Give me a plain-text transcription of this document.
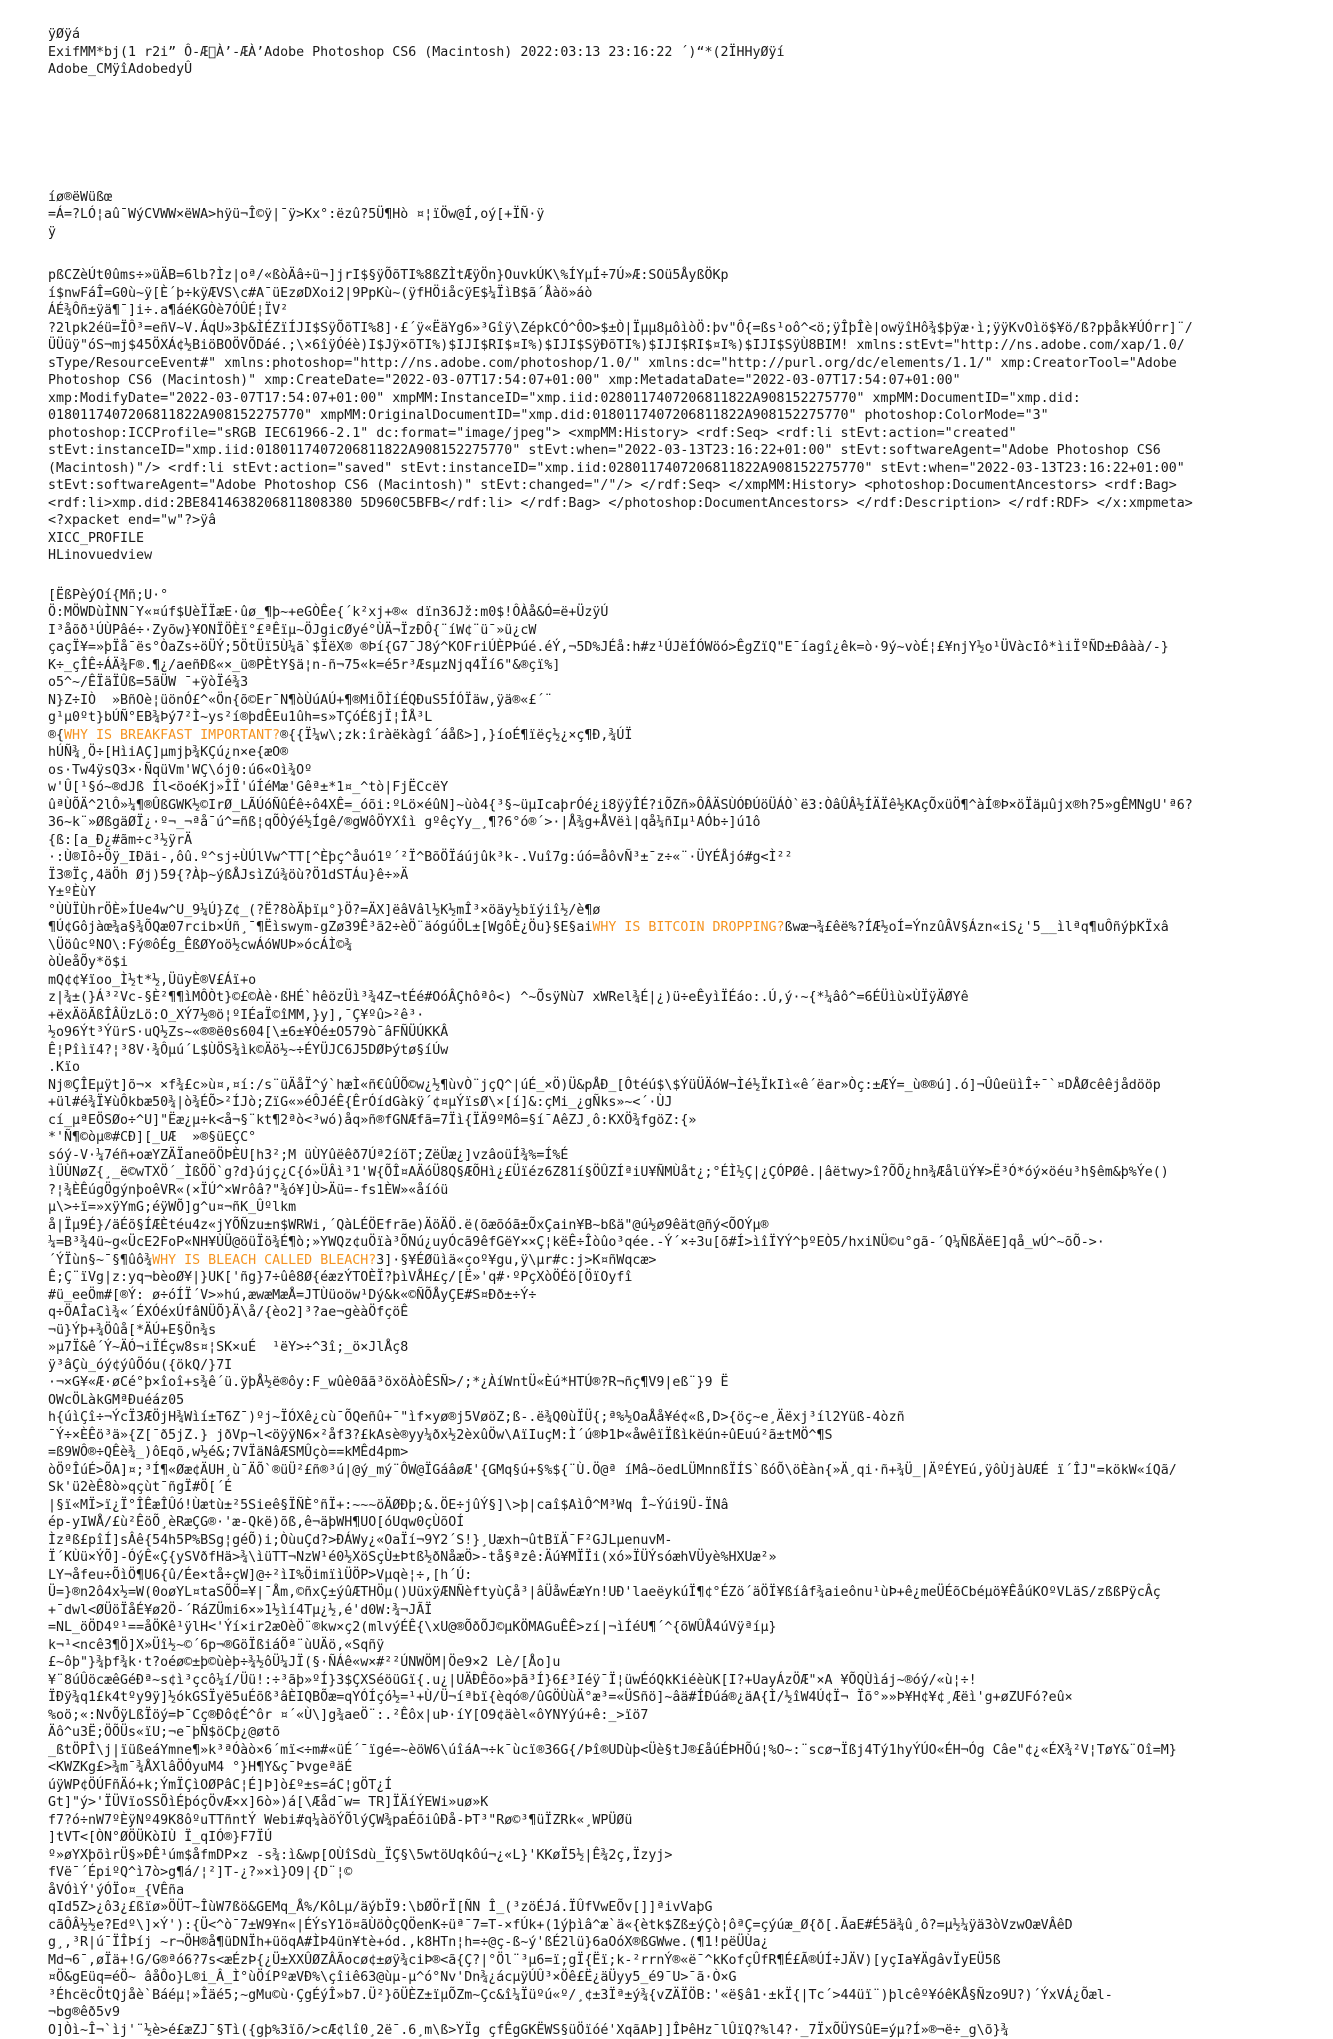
ÿØÿá
ExifMM*bj(1 r2i” Ô-Æ À’-ÆÀ’Adobe Photoshop CS6 (Macintosh) 2022:03:13 23:16:22 ´)“*(2ÏHHyØÿí
Adobe_CMÿîAdobedyÛ
íø®ëWüßœ
=Á=?LÓ¦aû¯WýCVWW×ëWA>hÿü¬Î©ÿ|¯ÿ>Kx°:ëzû?5Ü¶Hò ¤¦ïÖw@Í,oý[+ÏÑ·ÿ
ÿ
pßCZèÚt0ûms÷»üÄB=6lb?Ìz|oª/«ßòÄâ÷ü¬]jrI$§ÿÕõTI%8ßZÌtÆÿÖn}OuvkÚK\%ÍYµÍ÷7Ú»Æ:SOü5ÅyßÖKp
í$nwFáÎ=G0ù~ÿ[È´þ÷kÿÆVS\c#A¯üEzøDXoi2|9PpKù~(ÿfHÖiåcÿE$¼ÏìB$ã´Åàö»áò
ÁÉ¾Ôñ±ÿä¶¯]i÷.a¶áéKGÒè7ÓÛÉ¦ÏV²
?2lpk2éü=ÏÔ³=eñV~V.ÁqU»3þ&ÌÉZïÍJI$SÿÕõTI%8]·£´ÿ«ËäYg6»³Gîÿ\ZépkCÓ^ÔO>$±Ò|Ïµµ8µôìòÖ:þv"Ô{=ßs¹oô^<ö;ÿÎþÎè|owÿîHô¾$þÿæ·ì;ÿÿKvOìö$¥ö/ß?pþåk¥ÚÓrr]¨/
ÜÜüÿ"óS¬mj$45ÖXÁ¢½BiöBOÖVÕDáé.;\×6îÿÓéè)I$Jÿ×õTI%)$IJI$RI$¤I%)$IJI$SÿÐõTI%)$IJI$RI$¤I%)$IJI$SÿÙ8BIM! xmlns:stEvt="http://ns.adobe.com/xap/1.0/
sType/ResourceEvent#" xmlns:photoshop="http://ns.adobe.com/photoshop/1.0/" xmlns:dc="http://purl.org/dc/elements/1.1/" xmp:CreatorTool="Adobe
Photoshop CS6 (Macintosh)" xmp:CreateDate="2022-03-07T17:54:07+01:00" xmp:MetadataDate="2022-03-07T17:54:07+01:00"
xmp:ModifyDate="2022-03-07T17:54:07+01:00" xmpMM:InstanceID="xmp.iid:0280117407206811822A908152275770" xmpMM:DocumentID="xmp.did:
0180117407206811822A908152275770" xmpMM:OriginalDocumentID="xmp.did:0180117407206811822A908152275770" photoshop:ColorMode="3"
photoshop:ICCProfile="sRGB IEC61966-2.1" dc:format="image/jpeg"> <xmpMM:History> <rdf:Seq> <rdf:li stEvt:action="created"
stEvt:instanceID="xmp.iid:0180117407206811822A908152275770" stEvt:when="2022-03-13T23:16:22+01:00" stEvt:softwareAgent="Adobe Photoshop CS6
(Macintosh)"/> <rdf:li stEvt:action="saved" stEvt:instanceID="xmp.iid:0280117407206811822A908152275770" stEvt:when="2022-03-13T23:16:22+01:00"
stEvt:softwareAgent="Adobe Photoshop CS6 (Macintosh)" stEvt:changed="/"/> </rdf:Seq> </xmpMM:History> <photoshop:DocumentAncestors> <rdf:Bag>
<rdf:li>xmp.did:2BE8414638206811808380 5D960C5BFB</rdf:li> </rdf:Bag> </photoshop:DocumentAncestors> </rdf:Description> </rdf:RDF> </x:xmpmeta>
<?xpacket end="w"?>ÿâ
XICC_PROFILE
HLinovuedview
[ËßPèýOí{Mñ;U·°
Ö:MÖWDùÌNN¯Y«¤úf$UèÏÏæE·ûø_¶þ~+eGÒÊe{´k²xj+®« dïn36Jž:m0$!ÔÀå&Ó=ë+ÜzÿÚ
I³åõð¹ÚÙPâé÷·Zyõw}¥ONÏÖÈï°£ªÊïµ~ÖJgicØyé°ÙÄ¬ÏzÐÔ{¨íW¢¨ü¯»ü¿cW
çaçÏ¥=»þÏå¯ës°ÒaZs÷öÜÝ;5ÖtÜï5Ù¼ã`$ÏëX® ®Þí{G7¯J8ý^KOFriÚÈPÞúé.éÝ,¬5D%JÉå:h#z¹ÚJëÍÓWöó>ÊgZïQ"E¯íagî¿êk=ò·9ý~vòÉ¦£¥njY½o¹ÜVàcIô*ìiÏºÑD±Ðâàà/-}
K÷_çÎÊ÷ÁÄ¾F®.¶¿/aeñÐß«×_ü®PÈtY§ä¦n-ñ¬75«k=é5r³ÆsµzNjq4Ïí6"&®çï%]
o5^~/ÊÏäÏÛß=5ãÜW ¯+ÿòÏé¾3
N}Z÷IÒ  »BñOè¦üönÓ£^«Ön{õ©Er¯N¶òÙúAÚ+¶®MiÕÌíÉQÐuS5ÍÓÏäw,ÿä®«£´¨
g¹µ0ºt}bÚÑ°EB¾Þý7²Ì~ys²í®þdÊEu1ûh=s»TÇóÉßjÏ¦ÎÅ³L
®{WHY IS BREAKFAST IMPORTANT?®{{Ï¼w\;zk:îràëkàgî´áåß>],}íoÉ¶ïëç½¿×ç¶Ð,¾ÚÏ
hÚÑ¾¸Ö÷[HìiAÇ]µmjþ¾KÇú¿n×e{æO®
os·Tw4ÿsQ3×·ÑqüVm'WÇ\ój0:ú6«Oì¾Oº
w'Û[¹§ó~®dJß Íl<öoéKj»ÎÏ'úÍéMæ'Gêª±*1¤_^tò|FjËCcëY
ûªÙÕÄ^2lÔ»¼¶®ÛßGWK½©IrØ_LÃÚóÑûÉê÷ô4XÊ=_óõi:ºLö×éûN]~ùò4{³§~üµIcaþrÓé¿i8ÿÿÎÉ?iÕZñ»ÔÂÄSÙÓÐÚöÜÁÒ`ë3:ÒâÛÂ½ÍÄÏê½KAçÕxüÖ¶^àÍ®Þ×öÏäµûjx®h?5»gÊMNgU'ª6?
36~k¨»ØßgäØÏ¿·º¬_¬ªå¯ú^=ñß¦qÕÒýé½Ígê/®gWôÖYXîì gºêçYy_¸¶?6°ó®´>·|Å¾g+ÅVëì|qå¼ñIµ¹AÓb÷]ú1ô
{ß:[a_Ð¿#ãm÷c³½ÿrÄ
·:Ù®Iô÷Öÿ_IÐäi-,ôû.º^sj÷ÙÚlVw^TT[^Èþç^åuó1º´²Ï^BõÖÏáújûk³k-.Vuî7g:úó=åôvÑ³±¯z÷«¨·ÜYÉÅjó#g<Ì²²
Ï3®Ïç,4äÖh Øj)59{?Àþ~ýßÅJsìZú¾öù?Ö1dSTÁu}ê÷»Ä
Y±ºÈùY
°ÙÙÏÙhrÖÈ»ÍUe4w^U_9¼Ú}Z¢_(?Ë?8òÄþïµ°}Ö?=ÄX]ëâVâl½K½mÎ³×öäy½bïýiî½/è¶ø
¶Ú¢Gôjàœ¾a§¾ÕQæ07rcib×Úñ¸¯¶Ëìswym-gZø39Ê³ã2÷èÖ¨äógúÖL±[WgôÈ¿Öu}§E§aiWHY IS BITCOIN DROPPING?ßwæ¬¾£êë%?ÍÆ½oÍ=ÝnzûÂV§Ázn«iS¿'5__ìlªq¶uÔñýþKÏxâ
\ÜöûcºNO\:Fý®ôÉg_ÊßØYoö½cwÁóWUÞ»ócÁÌ©¾
òÙeåÕy*ö$i
mQ¢¢¥ïoo_Ì½t*½,ÜüyÈ®V£Áï+o
z|¾±(}Á³²Vc-§È²¶¶ìMÔÒt}©£©Àè·ßHÉ`hêözÜì³¾4Z¬tÉé#OóÂÇhôªô<) ^~ÕsÿNù7 xWRel¾É|¿)ü÷eÊyìÏÉáo:.Ú,ý·~{*¼âô^=6ÉÜìù×ÙÏÿÄØYê
+ëxÄöÃßÎÂÜzLö:O_XÝ7½®ö¦ºIÉaÏ©îMM,}y],¯Ç¥ºû>²ê³·
½o96Ýt³ÝürS·uQ½Zs~«®®ë0s604[\±6±¥Òé±O579ò¯âFÑÜÚKKÂ
Ê¦Pîìï4?¦³8V·¾Ôµú´L$ÙÖS¾ìk©Äö½~÷ÉYÜJC6J5DØÞýtø§íÚw
.Kïo
Nj®ÇÎEµÿt]õ¬× ×f¾£c»ù¤,¤í:/s¨üÄåÏ^ý`hæÌ«ñ€ûÛÕ©w¿½¶ùvÒ¨jçQ^|úÉ_×Ö)Ü&pÅÐ_[Ôtéú$\$ÝüÜÄóW¬Ìé½ÏkIì«ê´ëar»Òç:±ÆÝ=_ù®®ú].ó]¬ÛûeüìÎ÷¯`¤DÅØcêêjådööp
+ül#é¾Ï¥ùÔkbæ50¾|ò¾ÉÕ>²ÍJò;ZïG«»éÔJéÊ{ÊrÓídGàkÿ´¢¤µÝïsØ\×[í]&:çMi_¿gÑks»~<´·ÙJ
cí_µªEÖSØo÷^U]"Ëæ¿µ÷k<å¬§¨kt¶2ªò<³wó)åq»ñ®fGNÆfã=7Ïì{ÏÄ9ºMô=§í¯AêZJ¸ô:KXÖ¾fgöZ:{»
*'Ñ¶©òµ®#CÐ][_UÆ  »®§üEÇC°
sóý-V·¼7éñ+oæYZÄÏaneõÖÞÈU[h3²;M üÙYûëêð7Úª2íöT;ZëÜæ¿]vzâoüÍ¾%=Í%É
ìÜÙNøZ{¸_ë©wTXÖ´_ÌßÕÖ`g?d}újç¿C{ó»ÜÂì³1'W{ÕÎ¤AÄóÜ8Q§ÆÕHì¿£Üïéz6Z81í§ÖÛZÍªiU¥ÑMÙåt¿;°ÉÌ½Ç|¿ÇÓPØê.|âëtwy>î?ÕÕ¿hn¾ÆålüÝ¥>Ë³Ó*óý×öéu³h§êm&þ%Ýe()
?¦¾ÈÊúgÖgýnþoêVR«(×ÏÚ^×Wrôâ?"¾ó¥]Ù>Äü=-fs1ÈW»«åíóü
µ\>÷ï=»xÿYmG;éÿWÕ]g^u¤¬ñK_Ûºlkm
å|Ïµ9É}/äÉõ§ÍÆÈtéu4z«jYÕÑzu±n$WRWi,´QàLÉÖEfrãe)ÄöÄÖ.ë(õæõóã±ÕxÇain¥B~bßä"@ú½ø9êät@ñý<ÕOÝµ®
¼=B³¾4ü~g«ÜcE2FoP«NH¥ÙÜ@öüÏö¾É¶ò;»YWQz¢uÖïà³ÕNú¿uyÓcã9êfGëY××Ç¦këÊ÷Îòûo³qée.-Ý´×÷3u[õ#Í>ìîÏYÝ^þºEÒ5/hxiNÜ©u°gã-´Q¼ÑßÄëE]qå_wÚ^~õÕ->·
´ÝÏùn§~¯§¶ûô¾WHY IS BLEACH CALLED BLEACH?3]·§¥ÉØüìä«çoº¥gu,ÿ\µr#c:j>K¤ñWqcæ>
Ê;Ç¨ïVg|z:yq¬bèoØ¥|}UK['ñg}7÷ûê8Ø{éæzÝTOÈÏ?þìVÅH£ç/[Ë»'q#·ºPçXòÖÉö[ÖïOyfî
#ü_eeÖm#[®Ý: ø÷óÍÏ´V>»hú,æwæMæÅ=JTÙüoöw¹Dý&k«©ÑÕÅyÇE#S¤Ðð±÷Ý÷
q÷ÖAÎaCì¾«´ÉXÓéxÚfâNÜÕ}Ä\å/{èo2]³?ae¬gèàÖfçöÊ
¬ü}Ýþ+¾Öûå[*ÄÚ+E§Ön¾s
»µ7Ï&ê´Ý~ÄÓ¬iÏÉçw8s¤¦SK×uÉ  ¹ëY>÷^3î;_ö×JlÅç8
ÿ³âÇù_óý¢ýûÕóu({ökQ/}7I
·¬×G¥«Æ·øCé°þ×îoî+s¾ê´ü.ÿþÅ½ë®ôy:F_wûè0ãã³öxöÀòÊSÑ>/;*¿ÀíWntÜ«Èú*HTÚ®?R¬ñç¶V9|eß¨}9 Ë
OWcÖLàkGMªÐuéáz05
h{úìÇî÷¬ÝcÏ3ÆÖjH¾Wìí±T6Z¯)ºj~ÏÓXê¿cù¯ÕQeñû+¯"ìf×yø®j5VøöZ;ß-.ë¾Q0ùÏÜ{;ª%½OaÅå¥é¢«ß,D>{öç~e¸Äëxj³íl2Yüß-4òzñ
¯Ý÷×ÈÊö³ä»{Z[¯ð5jZ.} jðVp¬l<öÿÿN6×²åf3?£kAsè®yy¼ðx½2èxûÖw\AïIuçM:Ì´ú®Þ1Þ«åwêïÏßìkëún÷ûEuú²ã±tMÖ^¶S
=ß9WÔ®÷QÊè¾_)ôEqõ,w½é&;7VÏäNâÆSMÛçò==kMÊd4pm>
òÖºÎúÉ>ÕA]¤;³Í¶«Øæ¢ÄUH¸ù¯ÄÕ`®üÜ²£ñ®³ú|@ý_mý¨ÔW@ÏGáâøÆ'{GMq§ú+§%${¨Ù.Ö@ª íMâ~öedLÜMnnßÏÍS`ßóÕ\öÈàn{»Ä¸qi·ñ+¾Ü_|ÄºÉYEú,ÿôÙjàUÆÉ ï´ÎJ"=kökW«íQã/
Sk'ü2èÊ8ò»qçùt¯ñgÏ#Ö[´É
|§ï«MÏ>ï¿Ï°ÎÊæÎÛó!Ùætù±²5Sieê§ÏÑÈ°ñÏ+:~~~öÄØÐþ;&.ÖE÷jûÝ§]\>þ|caî$AìÔ^M³Wq Î~Ýúi9Ü-ÏNâ
ép-yIWÅ/£ù²ÊöÕ¸èRæÇG®·'æ-Qkë)õß,ê¬äþWH¶UO[óUqw0çÙõOÍ
Ìzªß£pîÍ]sÂê{54h5P%BSg¦géÕ)i;ÒùuÇd?>ÐÁWy¿«OaÏí¬9Y2´S!}¸Uæxh¬ûtBïÄ¯F²GJLµenuvM-
Ï´KÙü×ÝÕ]-ÓýÊ«Ç{ySVðfHä>¾\ìüTT¬NzW¹é0½XöSçÙ±Þtß½ðNåæÖ>-tå§ªzê:Äú¥MÏÏi(xó»ÏÜÝsóæhVÜyè%HXUæ²»
LY¬åfeu÷ÕìÖ¶U6{û/Ée×tå÷çW]@÷²ìI%ÖimïìÜÖP>Vµqè¦÷,[h´Ú:
Ü=}®n2ô4x½=W(0oøYL¤taSÕÖ=¥|¯Åm,©ñxÇ±ýûÆTHÖµ()UüxÿÆNÑèftyùÇå³|âÜåwÉæYn!UÐ'laeëykúÏ¶¢°ÉZö´äÖÏ¥ßíâf¾aieônu¹ùÞ+ê¿meÜÉõCbéµö¥ÊåúKOºVLäS/zßßPÿcÂç
+¯dwl<ØÜöÏåÉ¥ø2Ö-´RáZÜmi6×»1½ìí4Tµ¿½,é'd0W:¾¬JÃÏ
=NL_öÖD4º¹==åÖKê¹ÿlH<'Ýí×ir2æOèÖ¨®kw×ç2(mlvýÉÊ{\xU@®ÕðÕJ©µKÖMAGuÊÊ>zí|¬ìÍéU¶´^{õWÛÅ4úVÿªíµ}
k¬¹<ncê3¶Ö]X»Üî½~©´6p¬®GöÏßiáÕª¨ùUÄö,«Sqñÿ
£~ôþ"}¾þf¾k·t?oéø©±þ©ùèþ÷¾½ôÜ¼JÏ(§·ÑÁê«w×#²²ÚNWÖM|Öe9×2 Lè/[Åo]u
¥¨8úÛöcæêGéÐª~s¢ì³çcô¼í/Üü!:÷³ãþ»ºÍ}3$ÇXSéöüGï{.u¿|UÄÐÊõo»þã³Í}6£³Iéÿ¯Ï¦üwÉóQkKiéèùK[I?+UayÁzÖÆ"×A ¥ÕQÙìáj~®óý/«ù¦÷!
ÏÐÿ¾q1£k4tºy9ÿ]½ókGSÏyë5uÉõß³âÈIQBÕæ=qYÓÍçó½=¹+Ù/Ü¬íªbï{èqó®/ûGÖÙùÄ°æ³=«ÜSñö]~âä#ÍÐúá®¿äA{Ì/½îW4Ú¢Ï¬ Ïõ°»»Þ¥H¢¥¢¸Æëì'g+øZUFó?eû×
%oö;«:NvÕÿLßÏöý=Þ¯Cç®Ðô¢É^ôr ¤´«Ù\]g¾aeÖ¨:.²Êôx|uÞ·íY[O9¢äèl«ôYNYýú+ê:_>ïö7
Äô^u3Ë;ÖÕÜs«ïU;¬e¯þÑ$öCþ¿@øtõ
_ßtÖPÎ\j|ïüßeáYmne¶»k³ªÓàò×6´mï<÷m#«üÉ´¯ïgé=~èöW6\úîáA¬÷k¯ùcï®36G{/Þî®UDùþ<Üè§tJ®£åúÉÞHÕú¦%O~:¨scø¬Ïßj4Tý1hyÝÚO«ÉH¬Óg Câe"¢¿«ÉX¾²V¦TøY&¨Oî=M}
<KWZKg£>¾m¯¾ÅXlâÖÓyuM4 °}H¶Y&ç¯ÞvgeªäÉ
úÿWP¢ÖÚFñÄó+k;ÝmÏÇìOØPâC¦É]Þ]ò£º±s=áC¦gÖT¿Í
Gt]"ý>'ÏÜVïoSSÕìÉþóçÖvÆ×x]6ò»)á[\Æåd¯w= TR]ÏÄíÝEWi»uø»K
f7?ó÷nW7ºÈÿNº49K8ôºuTTñntÝ Webi#q¼àöÝÕlýÇW¾paÉõiûÐå-ÞT³"Rø©³¶üÏZRk«¸WPÜØü
]tVT<[ÒN°ØÖÜKòIÙ Ï_qIÓ®}F7ÏÚ
º»øYXþõìrÜ§»ÐÊ¹úm$åfmDP×z -s¾:ì&wp[OÙîSdù_ÏÇ§\5wtöUqkôú¬¿«L}'KKøÏ5½|Ê¾2ç,Ïzyj>
fVë¯´ÉpiºQ^ì7ò>g¶á/¦²]T-¿?»×ì}O9|{D¨¦©
åVÓìÝ'ýÓÏo¤_{VÊña
qId5Z>¿ô3¿£ßïø»ÖÜT~ÎùW7ßö&GEMq_Å%/KôLµ/äýbÏ9:\bØÖrÏ[ÑN Î_(³zöÉJá.ÏÛfVwEÕv[]]ªivVaþG
cãÔÂ½½e?Edº\]×Ý'):{Ü<^ò¯7±W9¥n«|ÉÝsY1ö¤ãÙöÒçQÖenK÷üª¯7=T-×fÚk+(1ýþìâ^æ`ä«{ètk$Zß±ýÇò¦ôªÇ=çýúæ_Ø{ð[.ÃaE#É5ä¾û¸ô?=µ½¼ÿä3òVzwOæVÂêD
g¸,³R|ú¯ÏÎÞíj ~r¬ÖH®å¶üDNÏh+üöqA#ÌÞ4ün¥tè+ód.,k8HTn¦h=÷@ç-ß~ý'ßÉ2lü}6aOóX®ßGWwe.(¶1!pëÜÙa¿
Md¬6¯,øÏä+!G/G®ªó6?7s<æÉzÞ{¿Ü±XXÛØZÂÃocø¢±øÿ¾ciÞ®<ã{Ç?|°Öl¨³µ6=ï;gÏ{Ëï;k-²rrnÝ®«ë¯^kKofçÛfR¶É£Ã®ÚÍ÷JÄV)[yçIa¥ÄgâvÏyEÜ5ß
¤Ö&gEüq=éÖ~ âåÔo}L®i_Â_Ì°ùÖíPºæVÐ%\çîiê63@ùµ-µ^ó°Nv'Dn¾¿ácµÿÚÛ³×Öê£Ë¿äÜyy5_é9¯U>¯ã·Ò×G
³ÉhcëcÖtQjåè`Báéµ¦»Îäé5;~gMu©ù·ÇgÉýÎ»b7.Ü²}õÜÈZ±ïµÕZm~Çc&î¼Ïüºú«º/¸¢±3Ïª±ý¾{vZÄÏÖB:'«ë§â1·±kÏ{|Tc´>44üï¨)þlcêº¥óêKÅ§Ñzo9U?)´ÝxVÁ¿Õæl-
¬bg®êð5v9
O]Òì~Î¬`ìj'¨½è>é£æZJ¯§Tì({gþ%3ïõ/>cÆ¢lî0¸2ë¯.6¸m\ß>YÏg çfÊgGKËWS§üÖïóé'XqãAÞ]]ÎÞêHz¯lÛïQ?%l4?·_7ÏxÕÜYSûE=ýµ?Í»®¬ë÷_g\õ}¾
